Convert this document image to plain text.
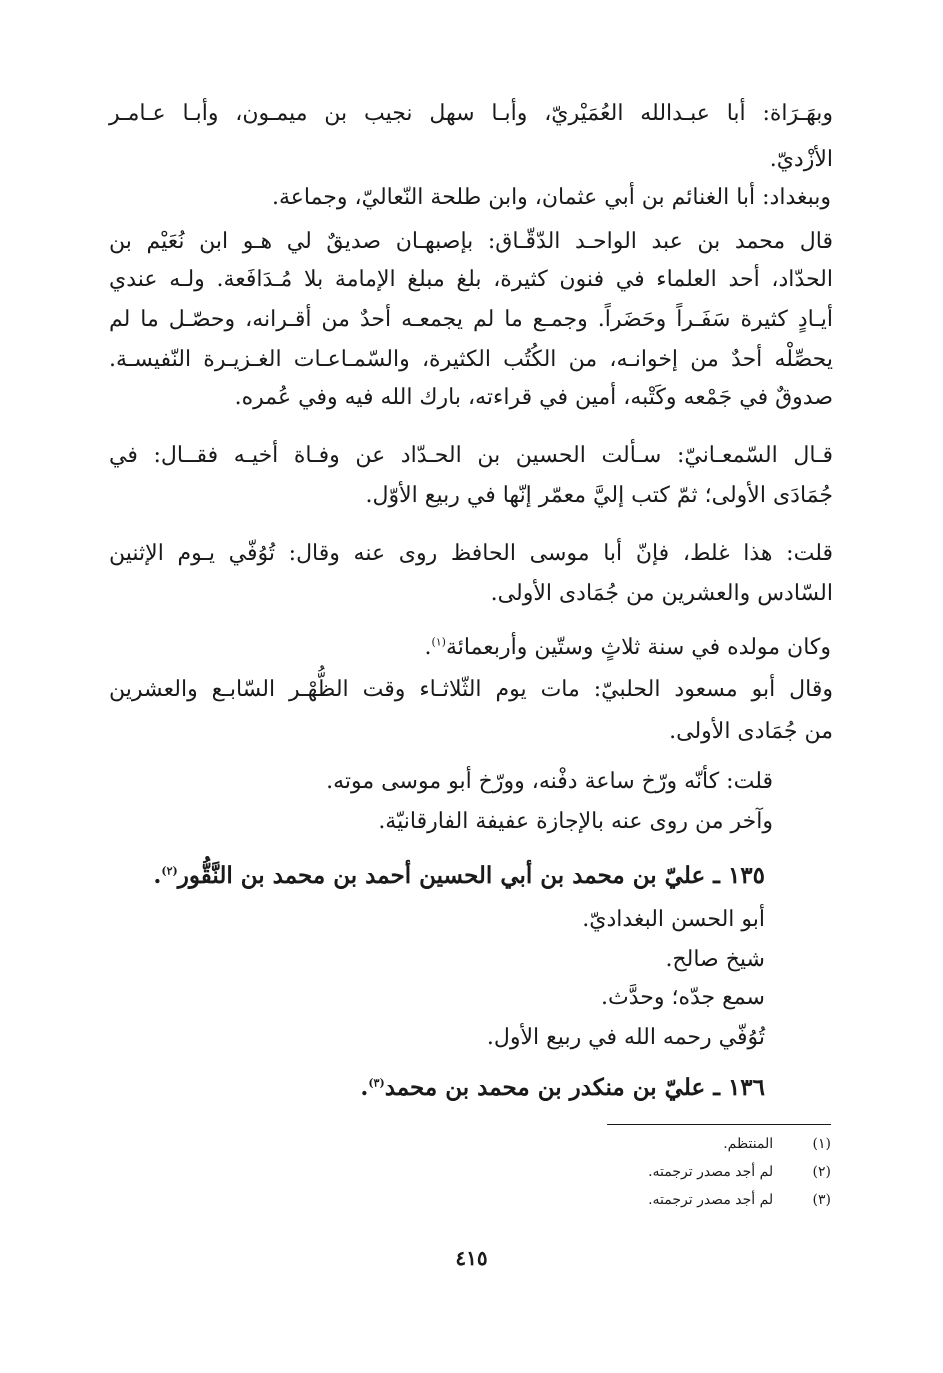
وبهَـرَاة: أبا عبـدالله العُمَيْريّ، وأبـا سهل نجيب بن ميمـون، وأبـا عـامـر
الأزْديّ.
وببغداد: أبا الغنائم بن أبي عثمان، وابن طلحة النّعاليّ، وجماعة.
قال محمد بن عبد الواحـد الدّقّـاق: بإصبهـان صديقٌ لي هـو ابن نُعَيْم بن
الحدّاد، أحد العلماء في فنون كثيرة، بلغ مبلغ الإمامة بلا مُـدَافَعة. ولـه عندي
أيـادٍ كثيرة سَفَـراً وحَضَراً. وجمـع ما لم يجمعـه أحدٌ من أقـرانه، وحصّـل ما لم
يحصِّلْه أحدٌ من إخوانـه، من الكُتُب الكثيرة، والسّمـاعـات الغـزيـرة النّفيسـة.
صدوقٌ في جَمْعه وكَتْبه، أمين في قراءته، بارك الله فيه وفي عُمره.
قـال السّمعـانيّ: سـألت الحسين بن الحـدّاد عن وفـاة أخيـه فقــال: في
جُمَادَى الأولى؛ ثمّ كتب إليَّ معمّر إنّها في ربيع الأوّل.
قلت: هذا غلط، فإنّ أبا موسى الحافظ روى عنه وقال: تُوُفّي يـوم الإثنين
السّادس والعشرين من جُمَادى الأولى.
وكان مولده في سنة ثلاثٍ وستّين وأربعمائة$^{(١)}$.
وقال أبو مسعود الحلبيّ: مات يوم الثّلاثـاء وقت الظُّهْـر السّابـع والعشرين
من جُمَادى الأولى.
قلت: كأنّه ورّخ ساعة دفْنه، وورّخ أبو موسى موته.
وآخر من روى عنه بالإجازة عفيفة الفارقانيّة.
١٣٥ ـ عليّ بن محمد بن أبي الحسين أحمد بن محمد بن النَّقُّور$^{(٢)}$.
أبو الحسن البغداديّ.
شيخ صالح.
سمع جدّه؛ وحدَّث.
تُوُفّي رحمه الله في ربيع الأول.
١٣٦ ـ عليّ بن منكدر بن محمد بن محمد$^{(٣)}$.
(١)    المنتظم.
(٢)    لم أجد مصدر ترجمته.
(٣)    لم أجد مصدر ترجمته.
٤١٥
